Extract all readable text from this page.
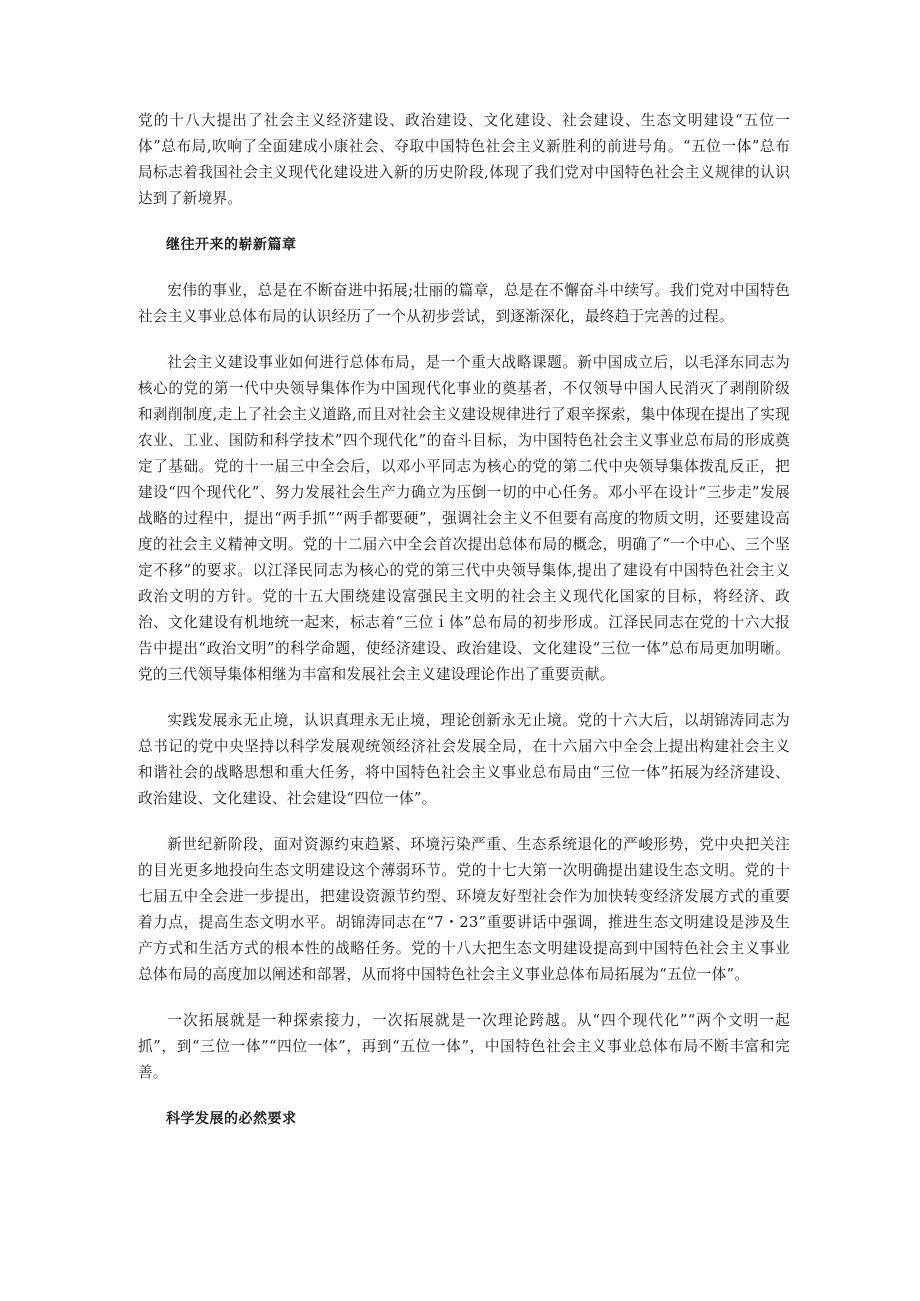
党的十八大提出了社会主义经济建设、政治建设、文化建设、社会建设、生态文明建设“五位一体”总布局,吹响了全面建成小康社会、夺取中国特色社会主义新胜利的前进号角。“五位一体”总布局标志着我国社会主义现代化建设进入新的历史阶段,体现了我们党对中国特色社会主义规律的认识达到了新境界。

继往开来的崭新篇章

宏伟的事业，总是在不断奋进中拓展;壮丽的篇章，总是在不懈奋斗中续写。我们党对中国特色社会主义事业总体布局的认识经历了一个从初步尝试，到逐渐深化，最终趋于完善的过程。

社会主义建设事业如何进行总体布局，是一个重大战略课题。新中国成立后，以毛泽东同志为核心的党的第一代中央领导集体作为中国现代化事业的奠基者，不仅领导中国人民消灭了剥削阶级和剥削制度,走上了社会主义道路,而且对社会主义建设规律进行了艰辛探索，集中体现在提出了实现农业、工业、国防和科学技术”四个现代化”的奋斗目标，为中国特色社会主义事业总布局的形成奠定了基础。党的十一届三中全会后，以邓小平同志为核心的党的第二代中央领导集体拨乱反正，把建设“四个现代化”、努力发展社会生产力确立为压倒一切的中心任务。邓小平在设计“三步走”发展战略的过程中，提出“两手抓”“两手都要硬”，强调社会主义不但要有高度的物质文明，还要建设高度的社会主义精神文明。党的十二届六中全会首次提出总体布局的概念，明确了“一个中心、三个坚定不移”的要求。以江泽民同志为核心的党的第三代中央领导集体,提出了建设有中国特色社会主义政治文明的方针。党的十五大围绕建设富强民主文明的社会主义现代化国家的目标，将经济、政治、文化建设有机地统一起来，标志着“三位ｉ体”总布局的初步形成。江泽民同志在党的十六大报告中提出“政治文明”的科学命题，使经济建设、政治建设、文化建设“三位一体”总布局更加明晰。党的三代领导集体相继为丰富和发展社会主义建设理论作出了重要贡献。

实践发展永无止境，认识真理永无止境，理论创新永无止境。党的十六大后，以胡锦涛同志为总书记的党中央坚持以科学发展观统领经济社会发展全局，在十六届六中全会上提出构建社会主义和谐社会的战略思想和重大任务，将中国特色社会主义事业总布局由“三位一体”拓展为经济建设、政治建设、文化建设、社会建设“四位一体”。

新世纪新阶段，面对资源约束趋紧、环境污染严重、生态系统退化的严峻形势，党中央把关注的目光更多地投向生态文明建设这个薄弱环节。党的十七大第一次明确提出建设生态文明。党的十七届五中全会进一步提出，把建设资源节约型、环境友好型社会作为加快转变经济发展方式的重要着力点，提高生态文明水平。胡锦涛同志在“7・23”重要讲话中强调，推进生态文明建设是涉及生产方式和生活方式的根本性的战略任务。党的十八大把生态文明建设提高到中国特色社会主义事业总体布局的高度加以阐述和部署，从而将中国特色社会主义事业总体布局拓展为“五位一体”。

一次拓展就是一种探索接力，一次拓展就是一次理论跨越。从“四个现代化”“两个文明一起抓”，到“三位一体”“四位一体”，再到“五位一体”，中国特色社会主义事业总体布局不断丰富和完善。

科学发展的必然要求
